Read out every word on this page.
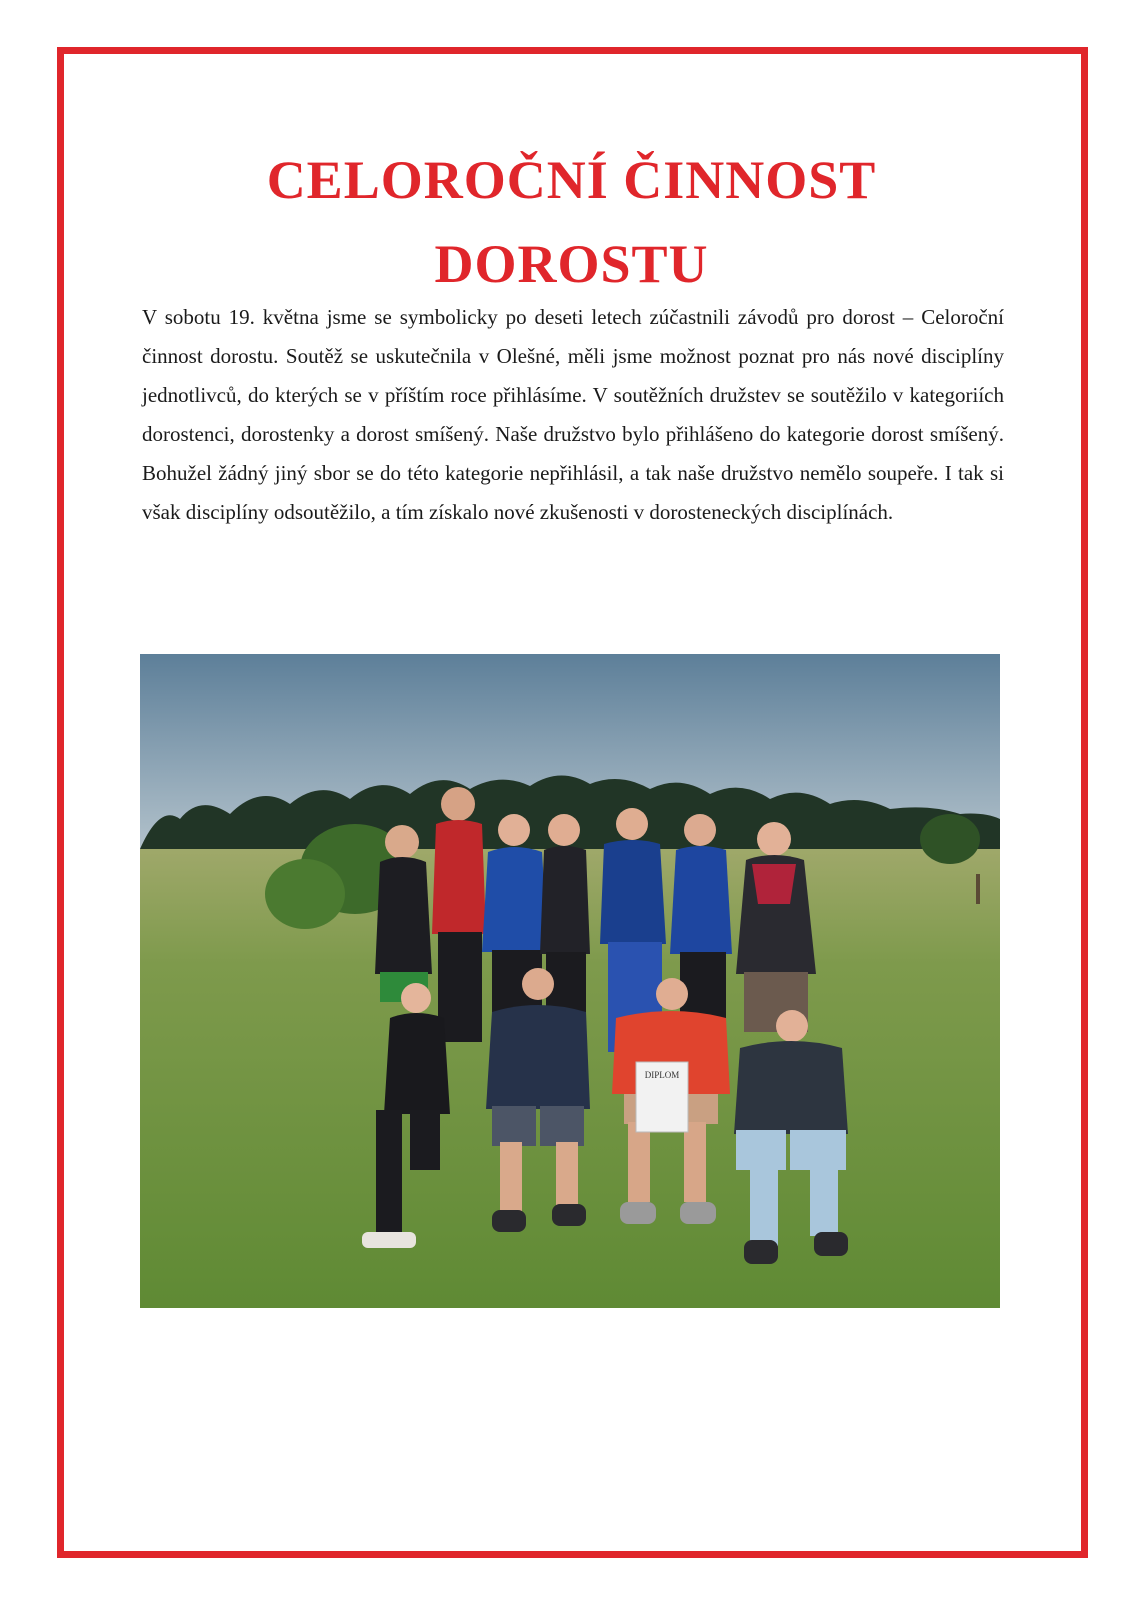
CELOROČNÍ ČINNOST
DOROSTU

V sobotu 19. května jsme se symbolicky po deseti letech zúčastnili závodů pro dorost – Celoroční činnost dorostu. Soutěž se uskutečnila v Olešné, měli jsme možnost poznat pro nás nové disciplíny jednotlivců, do kterých se v příštím roce přihlásíme. V soutěžních družstev se soutěžilo v kategoriích dorostenci, dorostenky a dorost smíšený. Naše družstvo bylo přihlášeno do kategorie dorost smíšený. Bohužel žádný jiný sbor se do této kategorie nepřihlásil, a tak naše družstvo nemělo soupeře. I tak si však disciplíny odsoutěžilo, a tím získalo nové zkušenosti v dorosteneckých disciplínách.

DIPLOM
